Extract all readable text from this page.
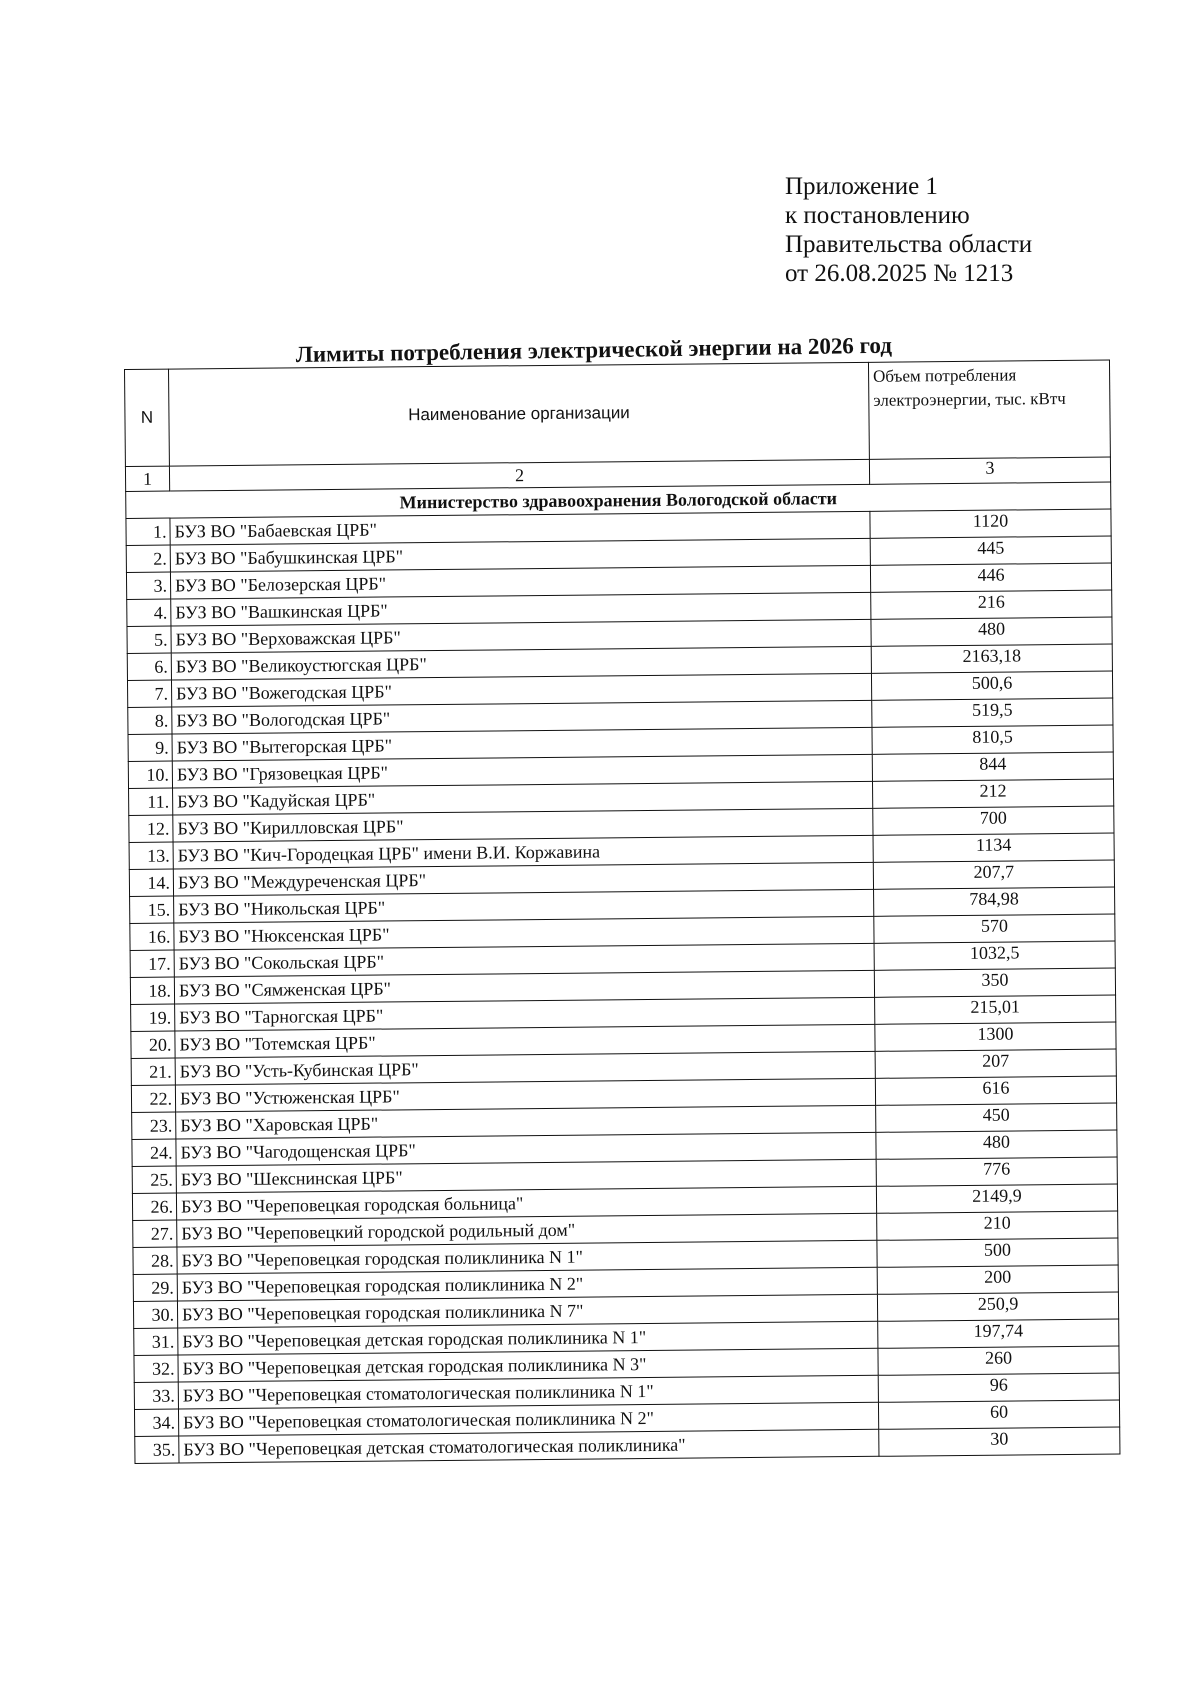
Приложение 1
к постановлению
Правительства области
от 26.08.2025 № 1213
Лимиты потребления электрической энергии на 2026 год
N	Наименование организации	Объем потребления электроэнергии, тыс. кВтч
1	2	3
Министерство здравоохранения Вологодской области		
1.	БУЗ ВО "Бабаевская ЦРБ"	1120
2.	БУЗ ВО "Бабушкинская ЦРБ"	445
3.	БУЗ ВО "Белозерская ЦРБ"	446
4.	БУЗ ВО "Вашкинская ЦРБ"	216
5.	БУЗ ВО "Верховажская ЦРБ"	480
6.	БУЗ ВО "Великоустюгская ЦРБ"	2163,18
7.	БУЗ ВО "Вожегодская ЦРБ"	500,6
8.	БУЗ ВО "Вологодская ЦРБ"	519,5
9.	БУЗ ВО "Вытегорская ЦРБ"	810,5
10.	БУЗ ВО "Грязовецкая ЦРБ"	844
11.	БУЗ ВО "Кадуйская ЦРБ"	212
12.	БУЗ ВО "Кирилловская ЦРБ"	700
13.	БУЗ ВО "Кич-Городецкая ЦРБ" имени В.И. Коржавина	1134
14.	БУЗ ВО "Междуреченская ЦРБ"	207,7
15.	БУЗ ВО "Никольская ЦРБ"	784,98
16.	БУЗ ВО "Нюксенская ЦРБ"	570
17.	БУЗ ВО "Сокольская ЦРБ"	1032,5
18.	БУЗ ВО "Сямженская ЦРБ"	350
19.	БУЗ ВО "Тарногская ЦРБ"	215,01
20.	БУЗ ВО "Тотемская ЦРБ"	1300
21.	БУЗ ВО "Усть-Кубинская ЦРБ"	207
22.	БУЗ ВО "Устюженская ЦРБ"	616
23.	БУЗ ВО "Харовская ЦРБ"	450
24.	БУЗ ВО "Чагодощенская ЦРБ"	480
25.	БУЗ ВО "Шекснинская ЦРБ"	776
26.	БУЗ ВО "Череповецкая городская больница"	2149,9
27.	БУЗ ВО "Череповецкий городской родильный дом"	210
28.	БУЗ ВО "Череповецкая городская поликлиника N 1"	500
29.	БУЗ ВО "Череповецкая городская поликлиника N 2"	200
30.	БУЗ ВО "Череповецкая городская поликлиника N 7"	250,9
31.	БУЗ ВО "Череповецкая детская городская поликлиника N 1"	197,74
32.	БУЗ ВО "Череповецкая детская городская поликлиника N 3"	260
33.	БУЗ ВО "Череповецкая стоматологическая поликлиника N 1"	96
34.	БУЗ ВО "Череповецкая стоматологическая поликлиника N 2"	60
35.	БУЗ ВО "Череповецкая детская стоматологическая поликлиника"	30
